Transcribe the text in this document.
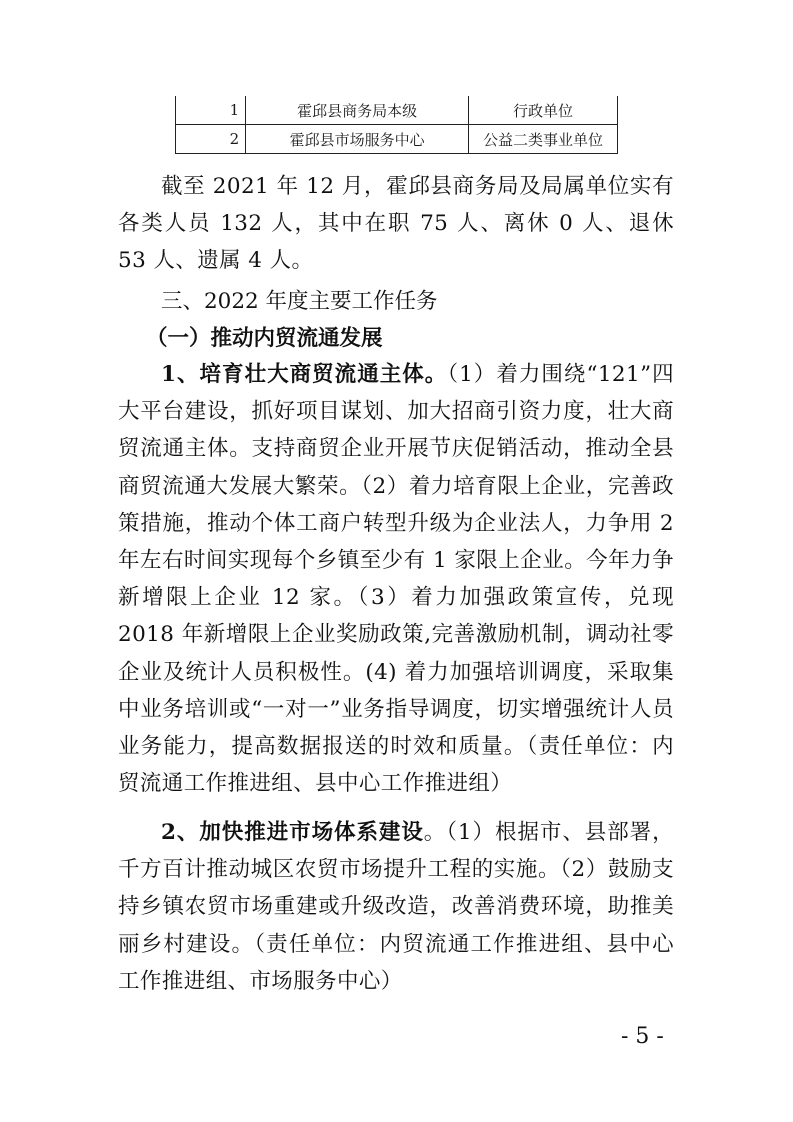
1	霍邱县商务局本级	行政单位
2	霍邱县市场服务中心	公益二类事业单位

截至 2021 年 12 月，霍邱县商务局及局属单位实有各类人员 132 人，其中在职 75 人、离休 0 人、退休 53 人、遗属 4 人。

三、2022 年度主要工作任务

（一）推动内贸流通发展

1、培育壮大商贸流通主体。（1）着力围绕“121”四大平台建设，抓好项目谋划、加大招商引资力度，壮大商贸流通主体。支持商贸企业开展节庆促销活动，推动全县商贸流通大发展大繁荣。（2）着力培育限上企业，完善政策措施，推动个体工商户转型升级为企业法人，力争用 2 年左右时间实现每个乡镇至少有 1 家限上企业。今年力争新增限上企业 12 家。（3）着力加强政策宣传，兑现 2018 年新增限上企业奖励政策,完善激励机制，调动社零企业及统计人员积极性。(4) 着力加强培训调度，采取集中业务培训或“一对一”业务指导调度，切实增强统计人员业务能力，提高数据报送的时效和质量。（责任单位：内贸流通工作推进组、县中心工作推进组）

2、加快推进市场体系建设。（1）根据市、县部署，千方百计推动城区农贸市场提升工程的实施。（2）鼓励支持乡镇农贸市场重建或升级改造，改善消费环境，助推美丽乡村建设。（责任单位：内贸流通工作推进组、县中心工作推进组、市场服务中心）

- 5 -
